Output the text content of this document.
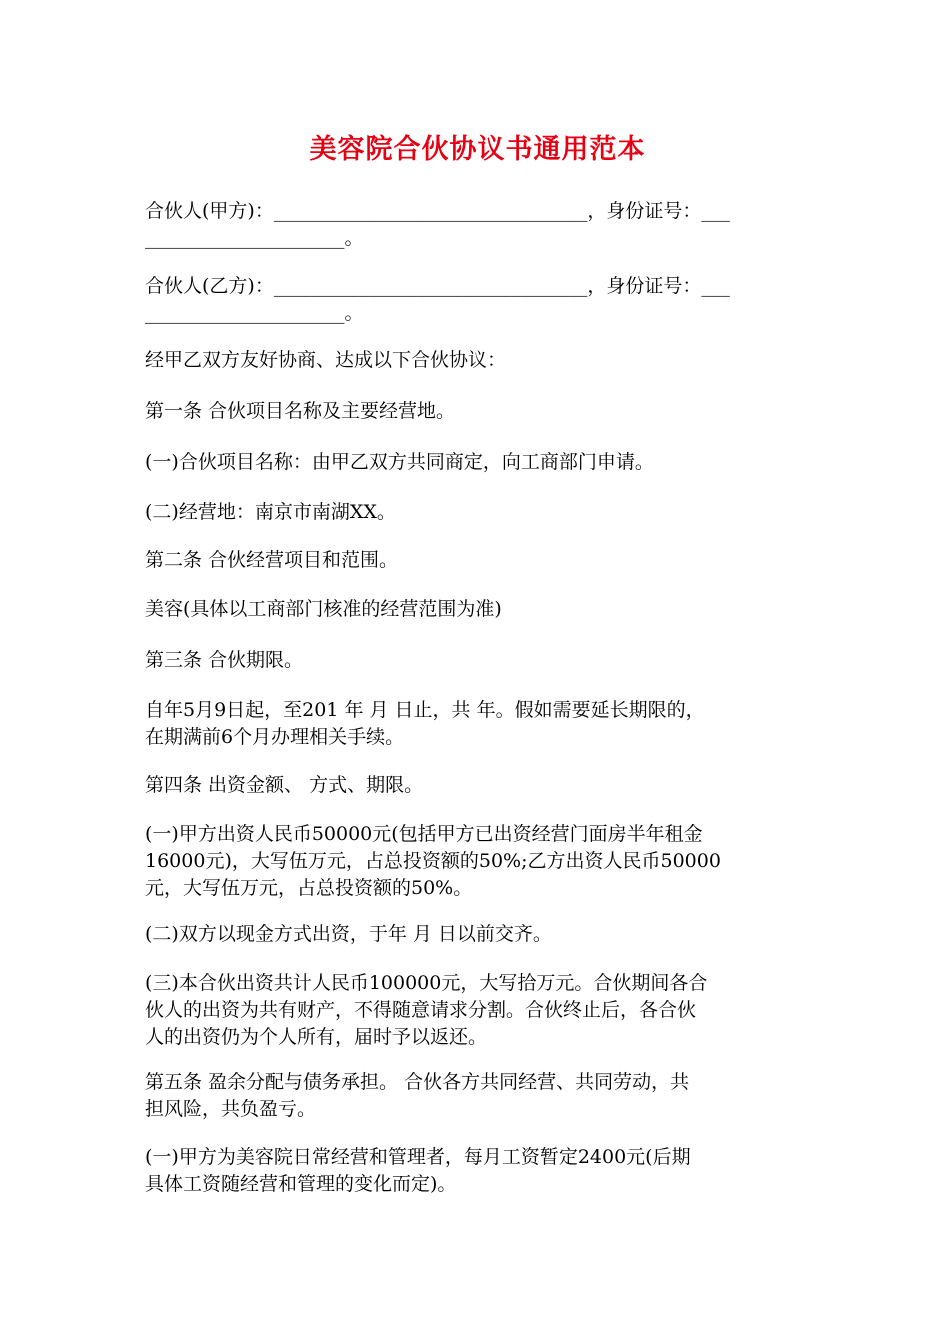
美容院合伙协议书通用范本

合伙人(甲方)：_________________________________，身份证号：___
_____________________。

合伙人(乙方)：_________________________________，身份证号：___
_____________________。

经甲乙双方友好协商、达成以下合伙协议：

第一条 合伙项目名称及主要经营地。

(一)合伙项目名称：由甲乙双方共同商定，向工商部门申请。

(二)经营地：南京市南湖XX。

第二条 合伙经营项目和范围。

美容(具体以工商部门核准的经营范围为准)

第三条 合伙期限。

自年5月9日起，至201 年 月 日止，共 年。假如需要延长期限的，
在期满前6个月办理相关手续。

第四条 出资金额、 方式、期限。

(一)甲方出资人民币50000元(包括甲方已出资经营门面房半年租金
16000元)，大写伍万元，占总投资额的50%;乙方出资人民币50000
元，大写伍万元，占总投资额的50%。

(二)双方以现金方式出资，于年 月 日以前交齐。

(三)本合伙出资共计人民币100000元，大写拾万元。合伙期间各合
伙人的出资为共有财产，不得随意请求分割。合伙终止后，各合伙
人的出资仍为个人所有，届时予以返还。

第五条 盈余分配与债务承担。 合伙各方共同经营、共同劳动，共
担风险，共负盈亏。

(一)甲方为美容院日常经营和管理者，每月工资暂定2400元(后期
具体工资随经营和管理的变化而定)。
